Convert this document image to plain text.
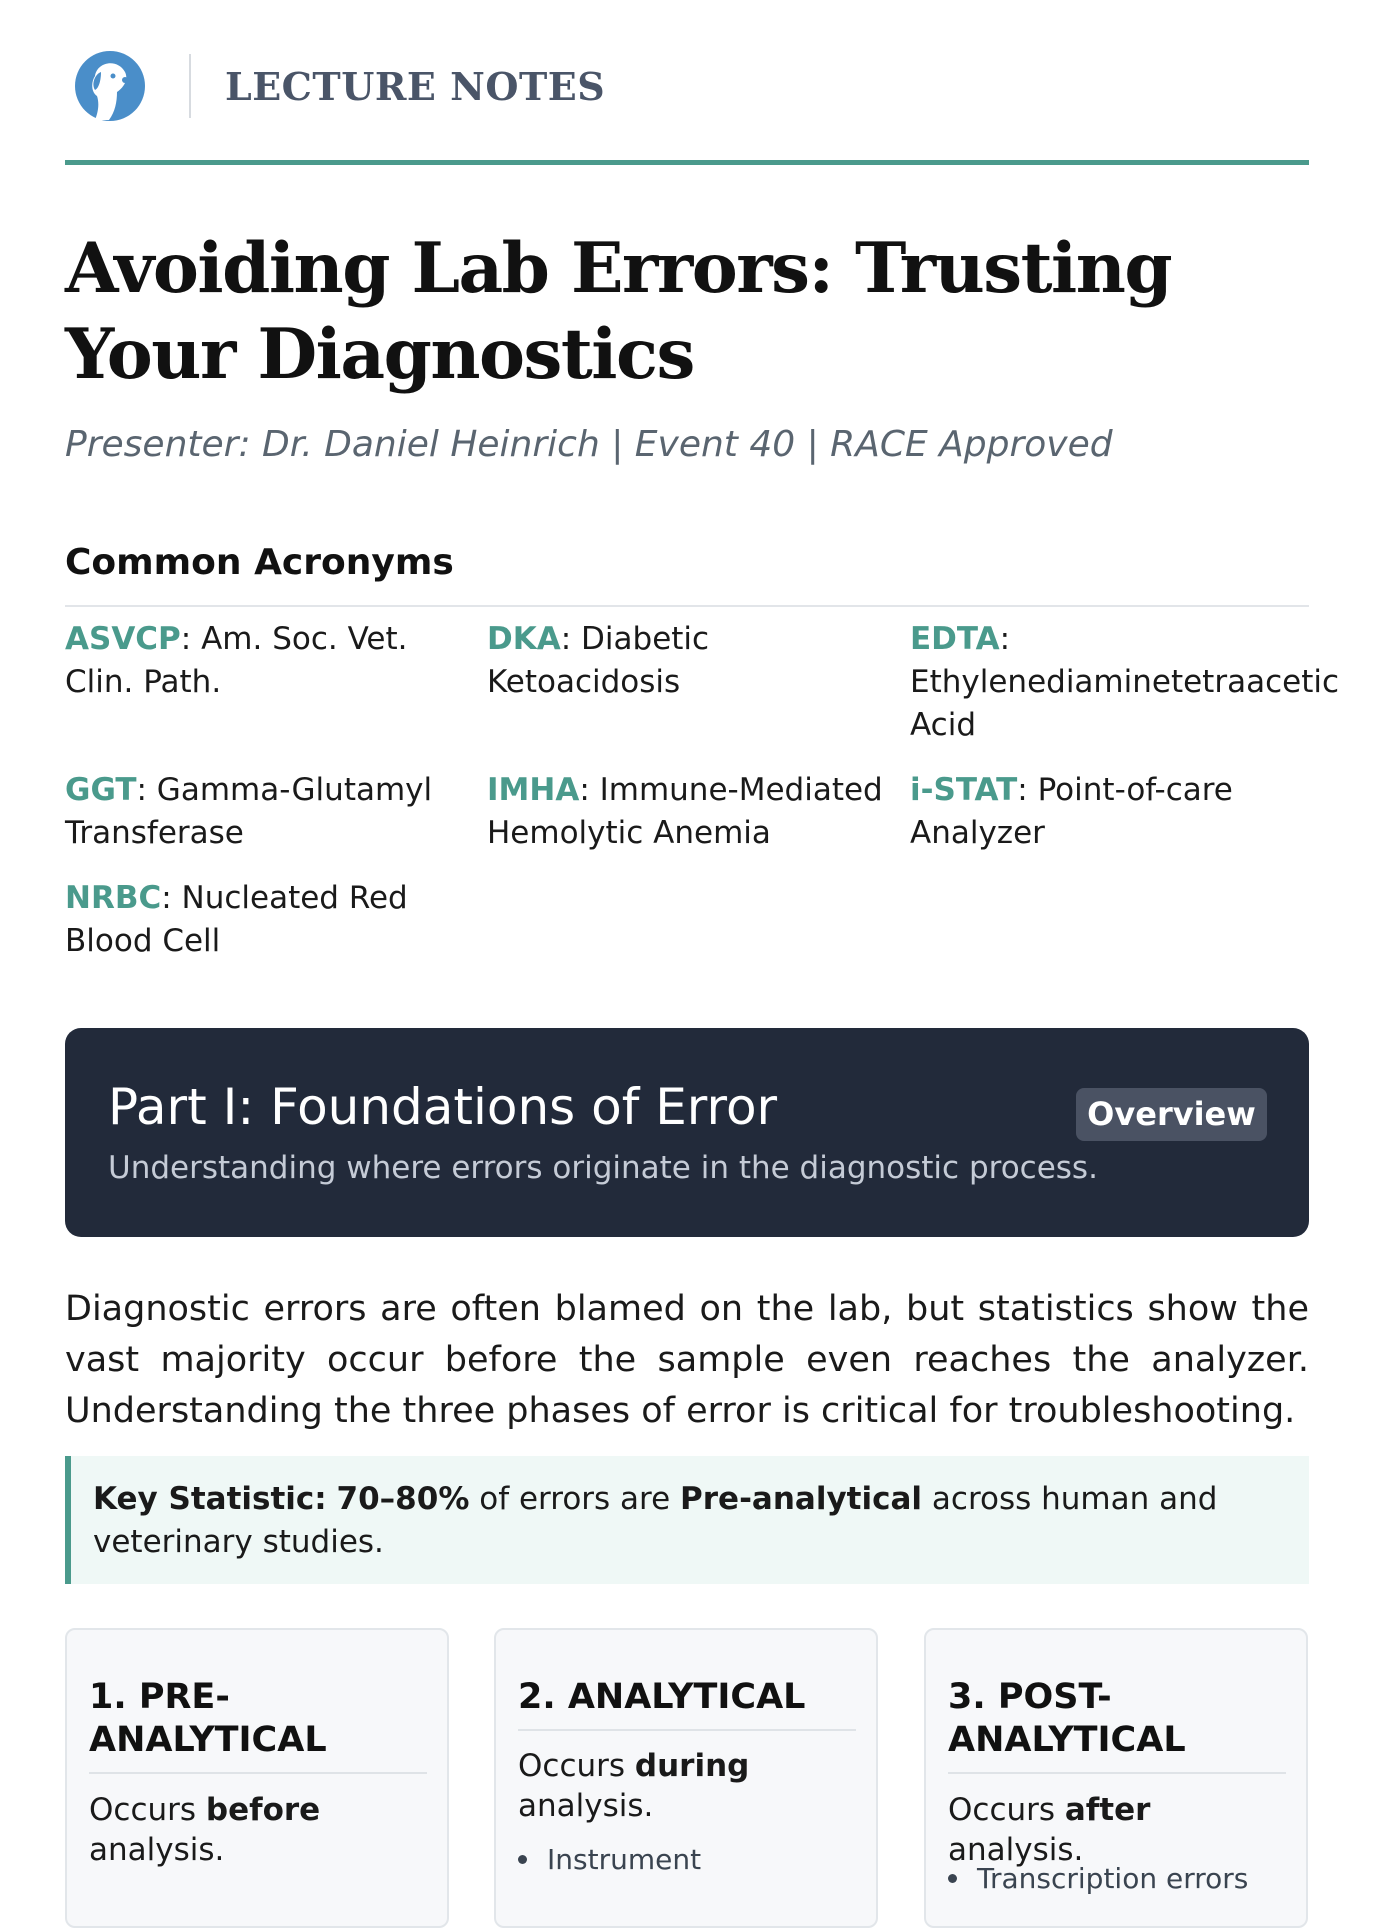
LECTURE NOTES
Avoiding Lab Errors: Trusting Your Diagnostics
Presenter: Dr. Daniel Heinrich | Event 40 | RACE Approved
Common Acronyms
ASVCP: Am. Soc. Vet. Clin. Path.
DKA: Diabetic Ketoacidosis
EDTA: Ethylenediaminetetraacetic Acid
GGT: Gamma-Glutamyl Transferase
IMHA: Immune-Mediated Hemolytic Anemia
i-STAT: Point-of-care Analyzer
NRBC: Nucleated Red Blood Cell
Part I: Foundations of Error
Understanding where errors originate in the diagnostic process.
Overview
Diagnostic errors are often blamed on the lab, but statistics show the vast majority occur before the sample even reaches the analyzer. Understanding the three phases of error is critical for troubleshooting.
Key Statistic: 70–80% of errors are Pre-analytical across human and veterinary studies.
1. PRE-ANALYTICAL
Occurs before analysis.
2. ANALYTICAL
Occurs during analysis.
Instrument
3. POST-ANALYTICAL
Occurs after analysis.
Transcription errors
